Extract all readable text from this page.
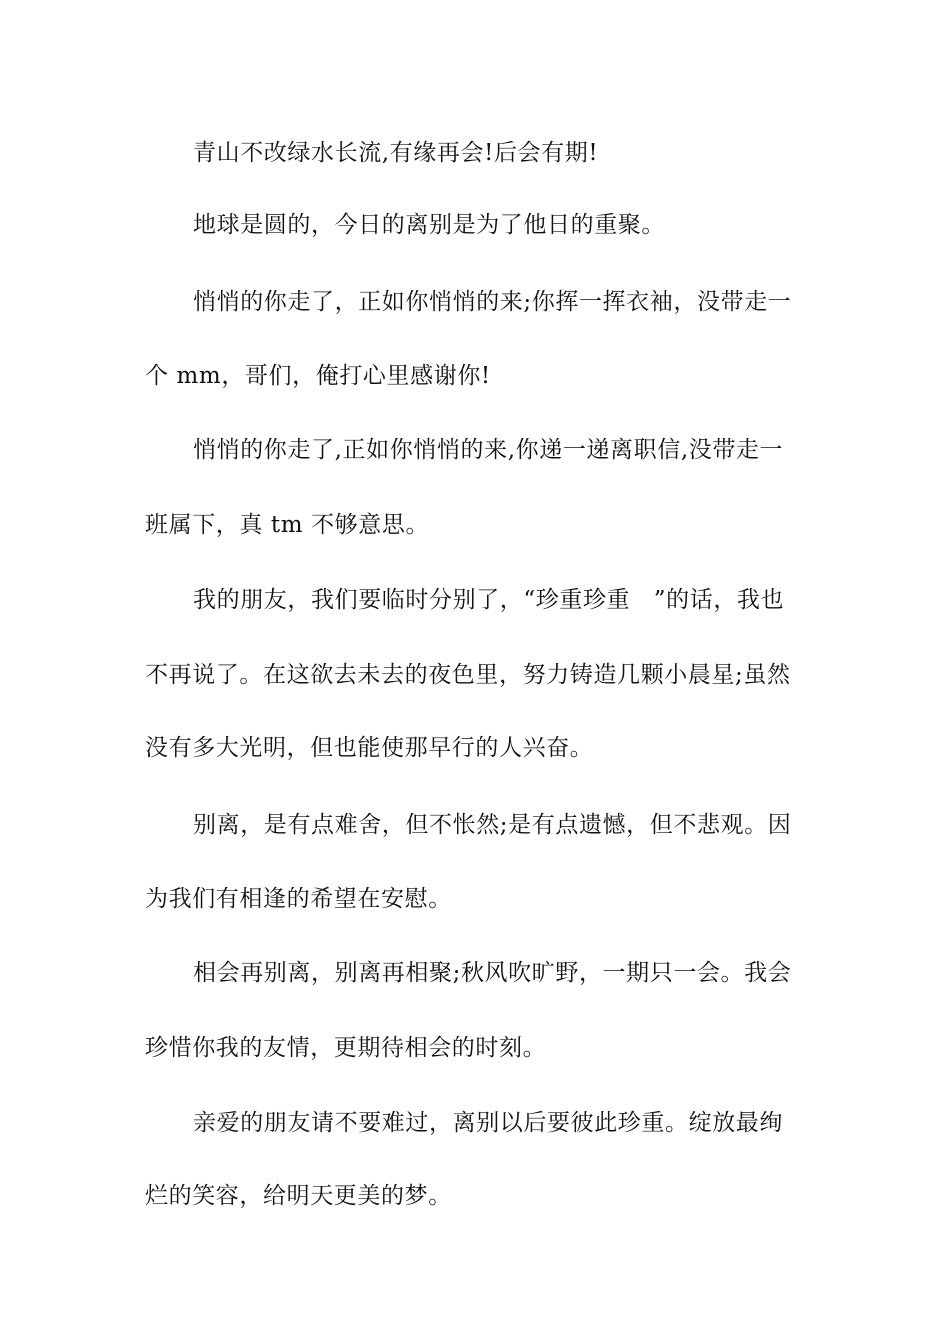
青山不改绿水长流,有缘再会!后会有期!
地球是圆的，今日的离别是为了他日的重聚。
悄悄的你走了，正如你悄悄的来;你挥一挥衣袖，没带走一
个 mm，哥们，俺打心里感谢你!
悄悄的你走了,正如你悄悄的来,你递一递离职信,没带走一
班属下，真 tm 不够意思。
我的朋友，我们要临时分别了，“珍重珍重　”的话，我也
不再说了。在这欲去未去的夜色里，努力铸造几颗小晨星;虽然
没有多大光明，但也能使那早行的人兴奋。
别离，是有点难舍，但不怅然;是有点遗憾，但不悲观。因
为我们有相逢的希望在安慰。
相会再别离，别离再相聚;秋风吹旷野，一期只一会。我会
珍惜你我的友情，更期待相会的时刻。
亲爱的朋友请不要难过，离别以后要彼此珍重。绽放最绚
烂的笑容，给明天更美的梦。
